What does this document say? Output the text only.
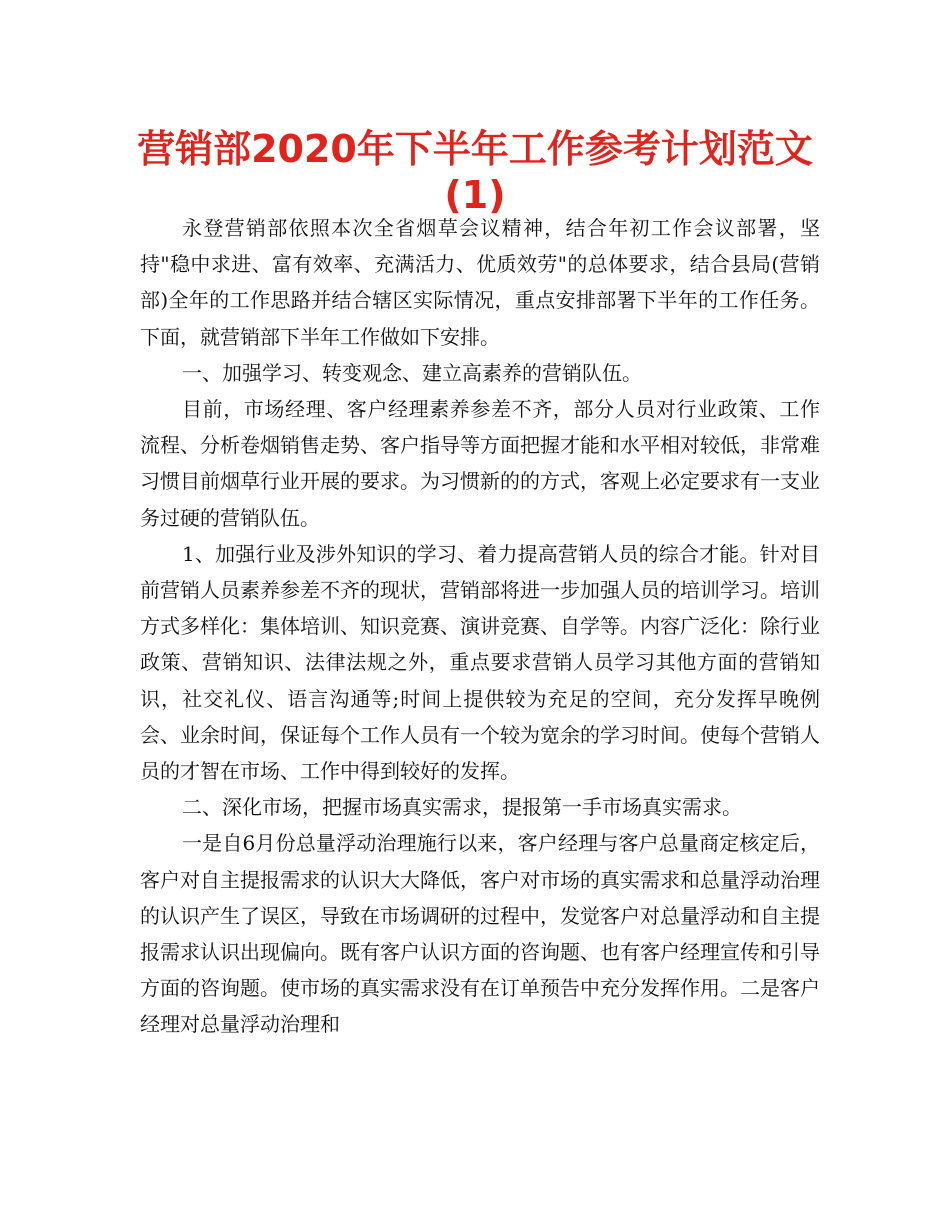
营销部2020年下半年工作参考计划范文
(1)

永登营销部依照本次全省烟草会议精神，结合年初工作会议部署，坚持"稳中求进、富有效率、充满活力、优质效劳"的总体要求，结合县局(营销部)全年的工作思路并结合辖区实际情况，重点安排部署下半年的工作任务。下面，就营销部下半年工作做如下安排。

一、加强学习、转变观念、建立高素养的营销队伍。

目前，市场经理、客户经理素养参差不齐，部分人员对行业政策、工作流程、分析卷烟销售走势、客户指导等方面把握才能和水平相对较低，非常难习惯目前烟草行业开展的要求。为习惯新的的方式，客观上必定要求有一支业务过硬的营销队伍。

1、加强行业及涉外知识的学习、着力提高营销人员的综合才能。针对目前营销人员素养参差不齐的现状，营销部将进一步加强人员的培训学习。培训方式多样化：集体培训、知识竞赛、演讲竞赛、自学等。内容广泛化：除行业政策、营销知识、法律法规之外，重点要求营销人员学习其他方面的营销知识，社交礼仪、语言沟通等;时间上提供较为充足的空间，充分发挥早晚例会、业余时间，保证每个工作人员有一个较为宽余的学习时间。使每个营销人员的才智在市场、工作中得到较好的发挥。

二、深化市场，把握市场真实需求，提报第一手市场真实需求。

一是自6月份总量浮动治理施行以来，客户经理与客户总量商定核定后，客户对自主提报需求的认识大大降低，客户对市场的真实需求和总量浮动治理的认识产生了误区，导致在市场调研的过程中，发觉客户对总量浮动和自主提报需求认识出现偏向。既有客户认识方面的咨询题、也有客户经理宣传和引导方面的咨询题。使市场的真实需求没有在订单预告中充分发挥作用。二是客户经理对总量浮动治理和
